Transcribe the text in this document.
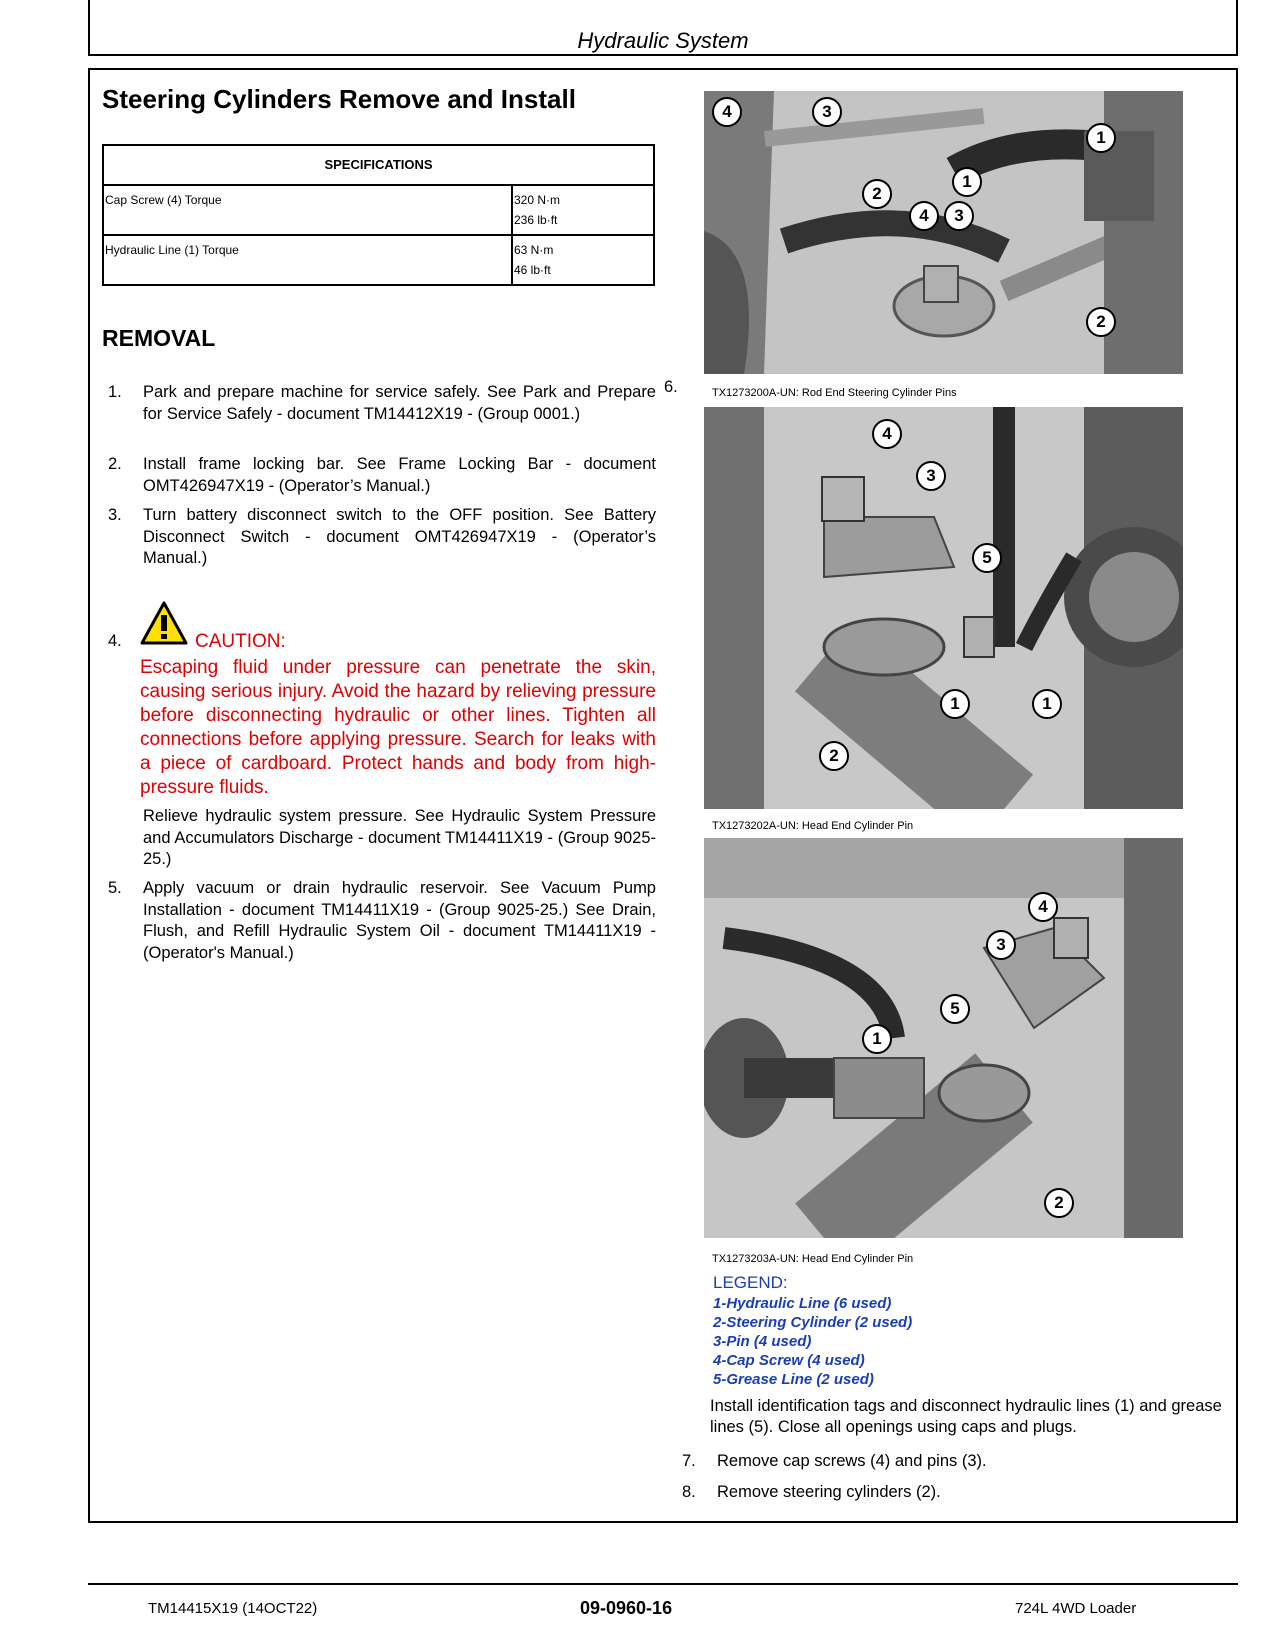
Hydraulic System
Steering Cylinders Remove and Install
SPECIFICATIONS	
Cap Screw (4) Torque	320 N·m
236 lb·ft
Hydraulic Line (1) Torque	63 N·m
46 lb·ft
REMOVAL
1.	Park and prepare machine for service safely. See Park and Prepare for Service Safely - document TM14412X19 - (Group 0001.)
2.	Install frame locking bar. See Frame Locking Bar - document OMT426947X19 - (Operator’s Manual.)
3.	Turn battery disconnect switch to the OFF position. See Battery Disconnect Switch - document OMT426947X19 - (Operator’s Manual.)
4.	CAUTION:
Escaping fluid under pressure can penetrate the skin, causing serious injury. Avoid the hazard by relieving pressure before disconnecting hydraulic or other lines. Tighten all connections before applying pressure. Search for leaks with a piece of cardboard. Protect hands and body from high-pressure fluids.
Relieve hydraulic system pressure. See Hydraulic System Pressure and Accumulators Discharge - document TM14411X19 - (Group 9025-25.)
5.	Apply vacuum or drain hydraulic reservoir. See Vacuum Pump Installation - document TM14411X19 - (Group 9025-25.) See Drain, Flush, and Refill Hydraulic System Oil - document TM14411X19 - (Operator's Manual.)
6.
4	3
1
2
1
4	3
2
TX1273200A-UN: Rod End Steering Cylinder Pins
4
3
5
1	1
2
TX1273202A-UN: Head End Cylinder Pin
4
3
5
1
2
TX1273203A-UN: Head End Cylinder Pin
LEGEND:
1-Hydraulic Line (6 used)
2-Steering Cylinder (2 used)
3-Pin (4 used)
4-Cap Screw (4 used)
5-Grease Line (2 used)
Install identification tags and disconnect hydraulic lines (1) and grease lines (5). Close all openings using caps and plugs.
7. Remove cap screws (4) and pins (3).
8. Remove steering cylinders (2).
TM14415X19 (14OCT22)	09-0960-16	724L 4WD Loader
